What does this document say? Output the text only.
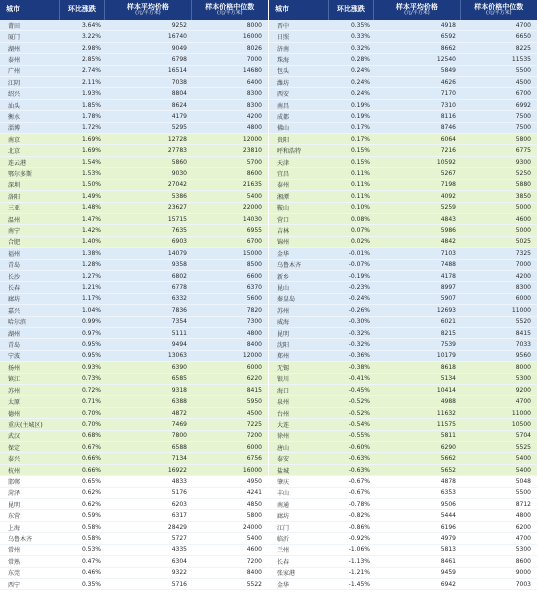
城市	环比涨跌	样本平均价格
(元/平方米)
样本价格中位数
(元/平方米)
莆田	3.64%	9252	8000
厦门	3.22%	16740	16000
湖州	2.98%	9049	8026
泰州	2.85%	6798	7000
广州	2.74%	16514	14680
江阴	2.11%	7038	6400
绍兴	1.93%	8804	8300
汕头	1.85%	8624	8300
衡水	1.78%	4179	4200
淄博	1.72%	5295	4800
南京	1.69%	12728	12000
北京	1.69%	27783	23810
连云港	1.54%	5860	5700
鄂尔多斯	1.53%	9030	8600
深圳	1.50%	27042	21635
洛阳	1.49%	5386	5400
三亚	1.48%	23627	22000
温州	1.47%	15715	14030
南宁	1.42%	7635	6955
合肥	1.40%	6903	6700
福州	1.38%	14079	15000
青岛	1.28%	9358	8500
长沙	1.27%	6802	6600
长春	1.21%	6778	6370
廊坊	1.17%	6332	5600
嘉兴	1.04%	7836	7820
哈尔滨	0.99%	7354	7300
湖州	0.97%	5111	4800
青岛	0.95%	9494	8400
宁波	0.95%	13063	12000
扬州	0.93%	6390	6000
镇江	0.73%	6585	6220
苏州	0.72%	9318	8415
太原	0.71%	6388	5950
德州	0.70%	4872	4500
重庆(主城区)	0.70%	7469	7225
武汉	0.68%	7800	7200
保定	0.67%	6588	6000
泰兴	0.66%	7134	6756
杭州	0.66%	16922	16000
邯郸	0.65%	4833	4950
菏泽	0.62%	5176	4241
昆明	0.62%	6203	4850
东营	0.59%	6317	5800
上海	0.58%	28429	24000
乌鲁木齐	0.58%	5727	5400
常州	0.53%	4335	4600
常熟	0.47%	6304	7200
东莞	0.46%	9322	8400
西宁	0.35%	5716	5522
城市	环比涨跌	样本平均价格
(元/平方米)
样本价格中位数
(元/平方米)
晋中	0.35%	4918	4700
日照	0.33%	6592	6650
济南	0.32%	8662	8225
珠海	0.28%	12540	11535
包头	0.24%	5849	5500
潍坊	0.24%	4626	4500
西安	0.24%	7170	6700
南昌	0.19%	7310	6992
成都	0.19%	8116	7500
佛山	0.17%	8746	7500
贵阳	0.17%	6064	5800
呼和浩特	0.15%	7216	6775
天津	0.15%	10592	9300
宜昌	0.11%	5267	5250
泰州	0.11%	7198	5880
湘潭	0.11%	4092	3850
鞍山	0.10%	5259	5000
营口	0.08%	4843	4600
吉林	0.07%	5986	5000
锦州	0.02%	4842	5025
金华	-0.01%	7103	7325
乌鲁木齐	-0.07%	7488	7000
新乡	-0.19%	4178	4200
昆山	-0.23%	8997	8300
秦皇岛	-0.24%	5907	6000
苏州	-0.26%	12693	11000
威海	-0.30%	6021	5520
昆明	-0.32%	8215	8415
沈阳	-0.32%	7539	7033
郑州	-0.36%	10179	9560
无锡	-0.38%	8618	8000
银川	-0.41%	5134	5300
海口	-0.45%	10414	9200
泉州	-0.52%	4988	4700
台州	-0.52%	11632	11000
大连	-0.54%	11575	10500
徐州	-0.55%	5811	5704
唐山	-0.60%	6290	5525
泰安	-0.63%	5662	5400
盐城	-0.63%	5652	5400
肇庆	-0.67%	4878	5048
丰山	-0.67%	6353	5500
南通	-0.78%	9506	8712
廊坊	-0.82%	5444	4800
江门	-0.86%	6196	6200
临沂	-0.92%	4979	4700
兰州	-1.06%	5813	5300
长春	-1.13%	8461	8600
张家港	-1.21%	9459	9000
金华	-1.45%	6942	7003
